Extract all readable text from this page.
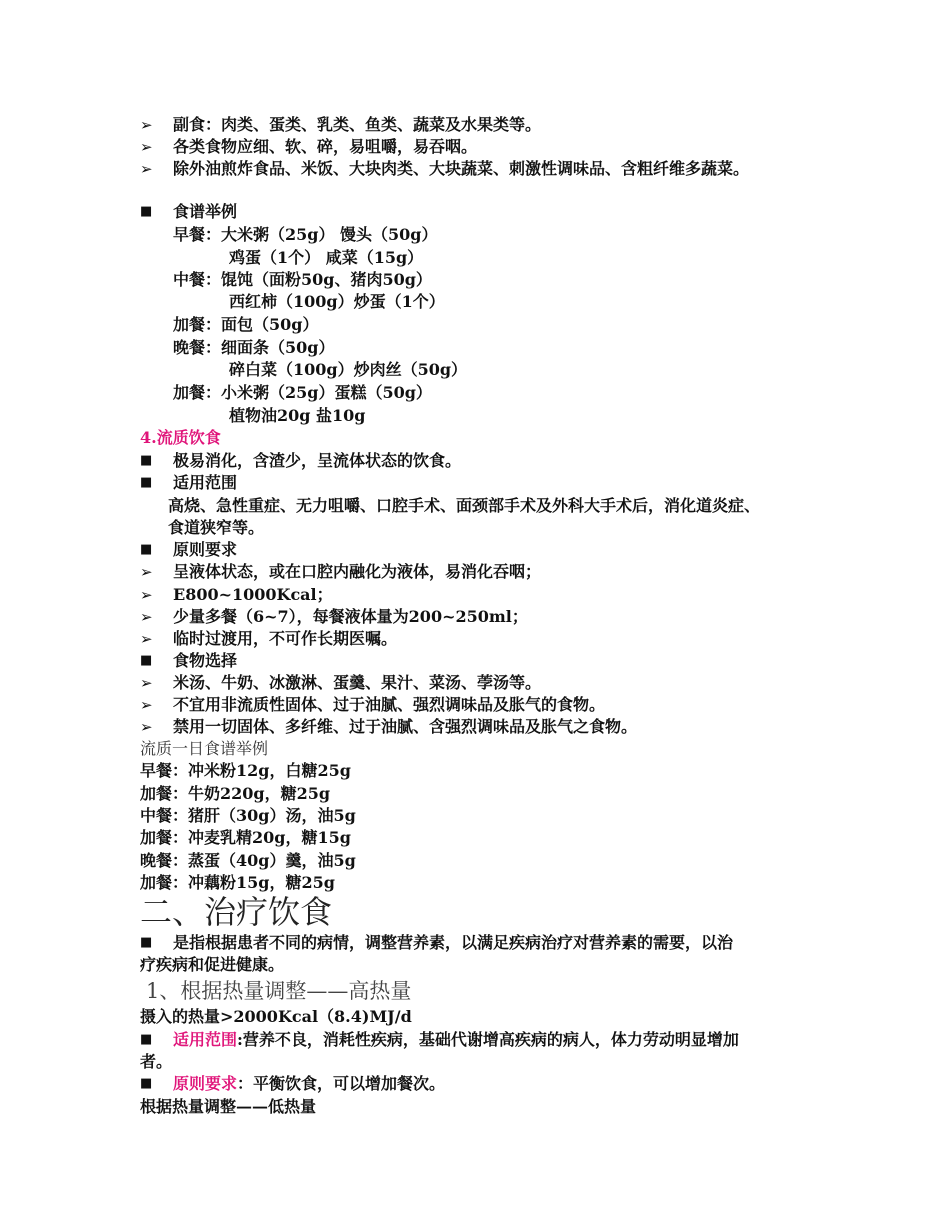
➢	副食：肉类、蛋类、乳类、鱼类、蔬菜及水果类等。
➢	各类食物应细、软、碎，易咀嚼，易吞咽。
➢	除外油煎炸食品、米饭、大块肉类、大块蔬菜、刺激性调味品、含粗纤维多蔬菜。
■	食谱举例
早餐：大米粥（25g） 馒头（50g）
鸡蛋（1个） 咸菜（15g）
中餐：馄饨（面粉50g、猪肉50g）
西红柿（100g）炒蛋（1个）
加餐：面包（50g）
晚餐：细面条（50g）
碎白菜（100g）炒肉丝（50g）
加餐：小米粥（25g）蛋糕（50g）
植物油20g 盐10g
4.流质饮食
■	极易消化，含渣少，呈流体状态的饮食。
■	适用范围
高烧、急性重症、无力咀嚼、口腔手术、面颈部手术及外科大手术后，消化道炎症、
食道狭窄等。
■	原则要求
➢	呈液体状态，或在口腔内融化为液体，易消化吞咽；
➢	E800~1000Kcal；
➢	少量多餐（6~7），每餐液体量为200~250ml；
➢	临时过渡用，不可作长期医嘱。
■	食物选择
➢	米汤、牛奶、冰激淋、蛋羹、果汁、菜汤、荸汤等。
➢	不宜用非流质性固体、过于油腻、强烈调味品及胀气的食物。
➢	禁用一切固体、多纤维、过于油腻、含强烈调味品及胀气之食物。
流质一日食谱举例
早餐：冲米粉12g，白糖25g
加餐：牛奶220g，糖25g
中餐：猪肝（30g）汤，油5g
加餐：冲麦乳精20g，糖15g
晚餐：蒸蛋（40g）羹，油5g
加餐：冲藕粉15g，糖25g
二、治疗饮食
■	是指根据患者不同的病情，调整营养素，以满足疾病治疗对营养素的需要，以治
疗疾病和促进健康。
1、根据热量调整——高热量
摄入的热量>2000Kcal（8.4)MJ/d
■	适用范围:营养不良，消耗性疾病，基础代谢增高疾病的病人，体力劳动明显增加
者。
■	原则要求：平衡饮食，可以增加餐次。
根据热量调整——低热量
